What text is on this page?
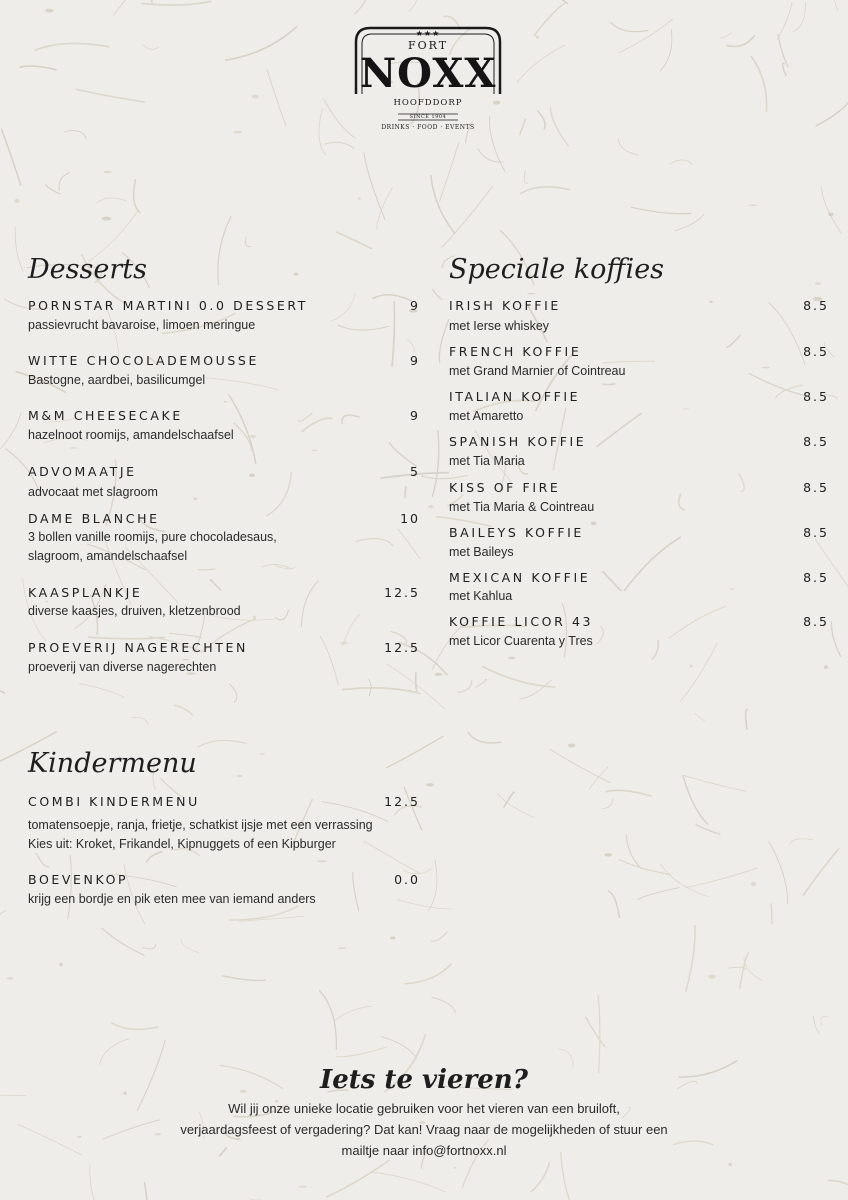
★★★
FORT
NOXX
HOOFDDORP
SINCE 1904
DRINKS · FOOD · EVENTS
Desserts
PORNSTAR MARTINI 0.0 DESSERT	9
passievrucht bavaroise, limoen meringue
WITTE CHOCOLADEMOUSSE	9
Bastogne, aardbei, basilicumgel
M&M CHEESECAKE	9
hazelnoot roomijs, amandelschaafsel
ADVOMAATJE	5
advocaat met slagroom
DAME BLANCHE	10
3 bollen vanille roomijs, pure chocoladesaus,
slagroom, amandelschaafsel
KAASPLANKJE	12.5
diverse kaasjes, druiven, kletzenbrood
PROEVERIJ NAGERECHTEN	12.5
proeverij van diverse nagerechten
Kindermenu
COMBI KINDERMENU	12.5
tomatensoepje, ranja, frietje, schatkist ijsje met een verrassing
Kies uit: Kroket, Frikandel, Kipnuggets of een Kipburger
BOEVENKOP	0.0
krijg een bordje en pik eten mee van iemand anders
Speciale koffies
IRISH KOFFIE	8.5
met Ierse whiskey
FRENCH KOFFIE	8.5
met Grand Marnier of Cointreau
ITALIAN KOFFIE	8.5
met Amaretto
SPANISH KOFFIE	8.5
met Tia Maria
KISS OF FIRE	8.5
met Tia Maria & Cointreau
BAILEYS KOFFIE	8.5
met Baileys
MEXICAN KOFFIE	8.5
met Kahlua
KOFFIE LICOR 43	8.5
met Licor Cuarenta y Tres
Iets te vieren?
Wil jij onze unieke locatie gebruiken voor het vieren van een bruiloft,
verjaardagsfeest of vergadering? Dat kan! Vraag naar de mogelijkheden of stuur een
mailtje naar info@fortnoxx.nl
